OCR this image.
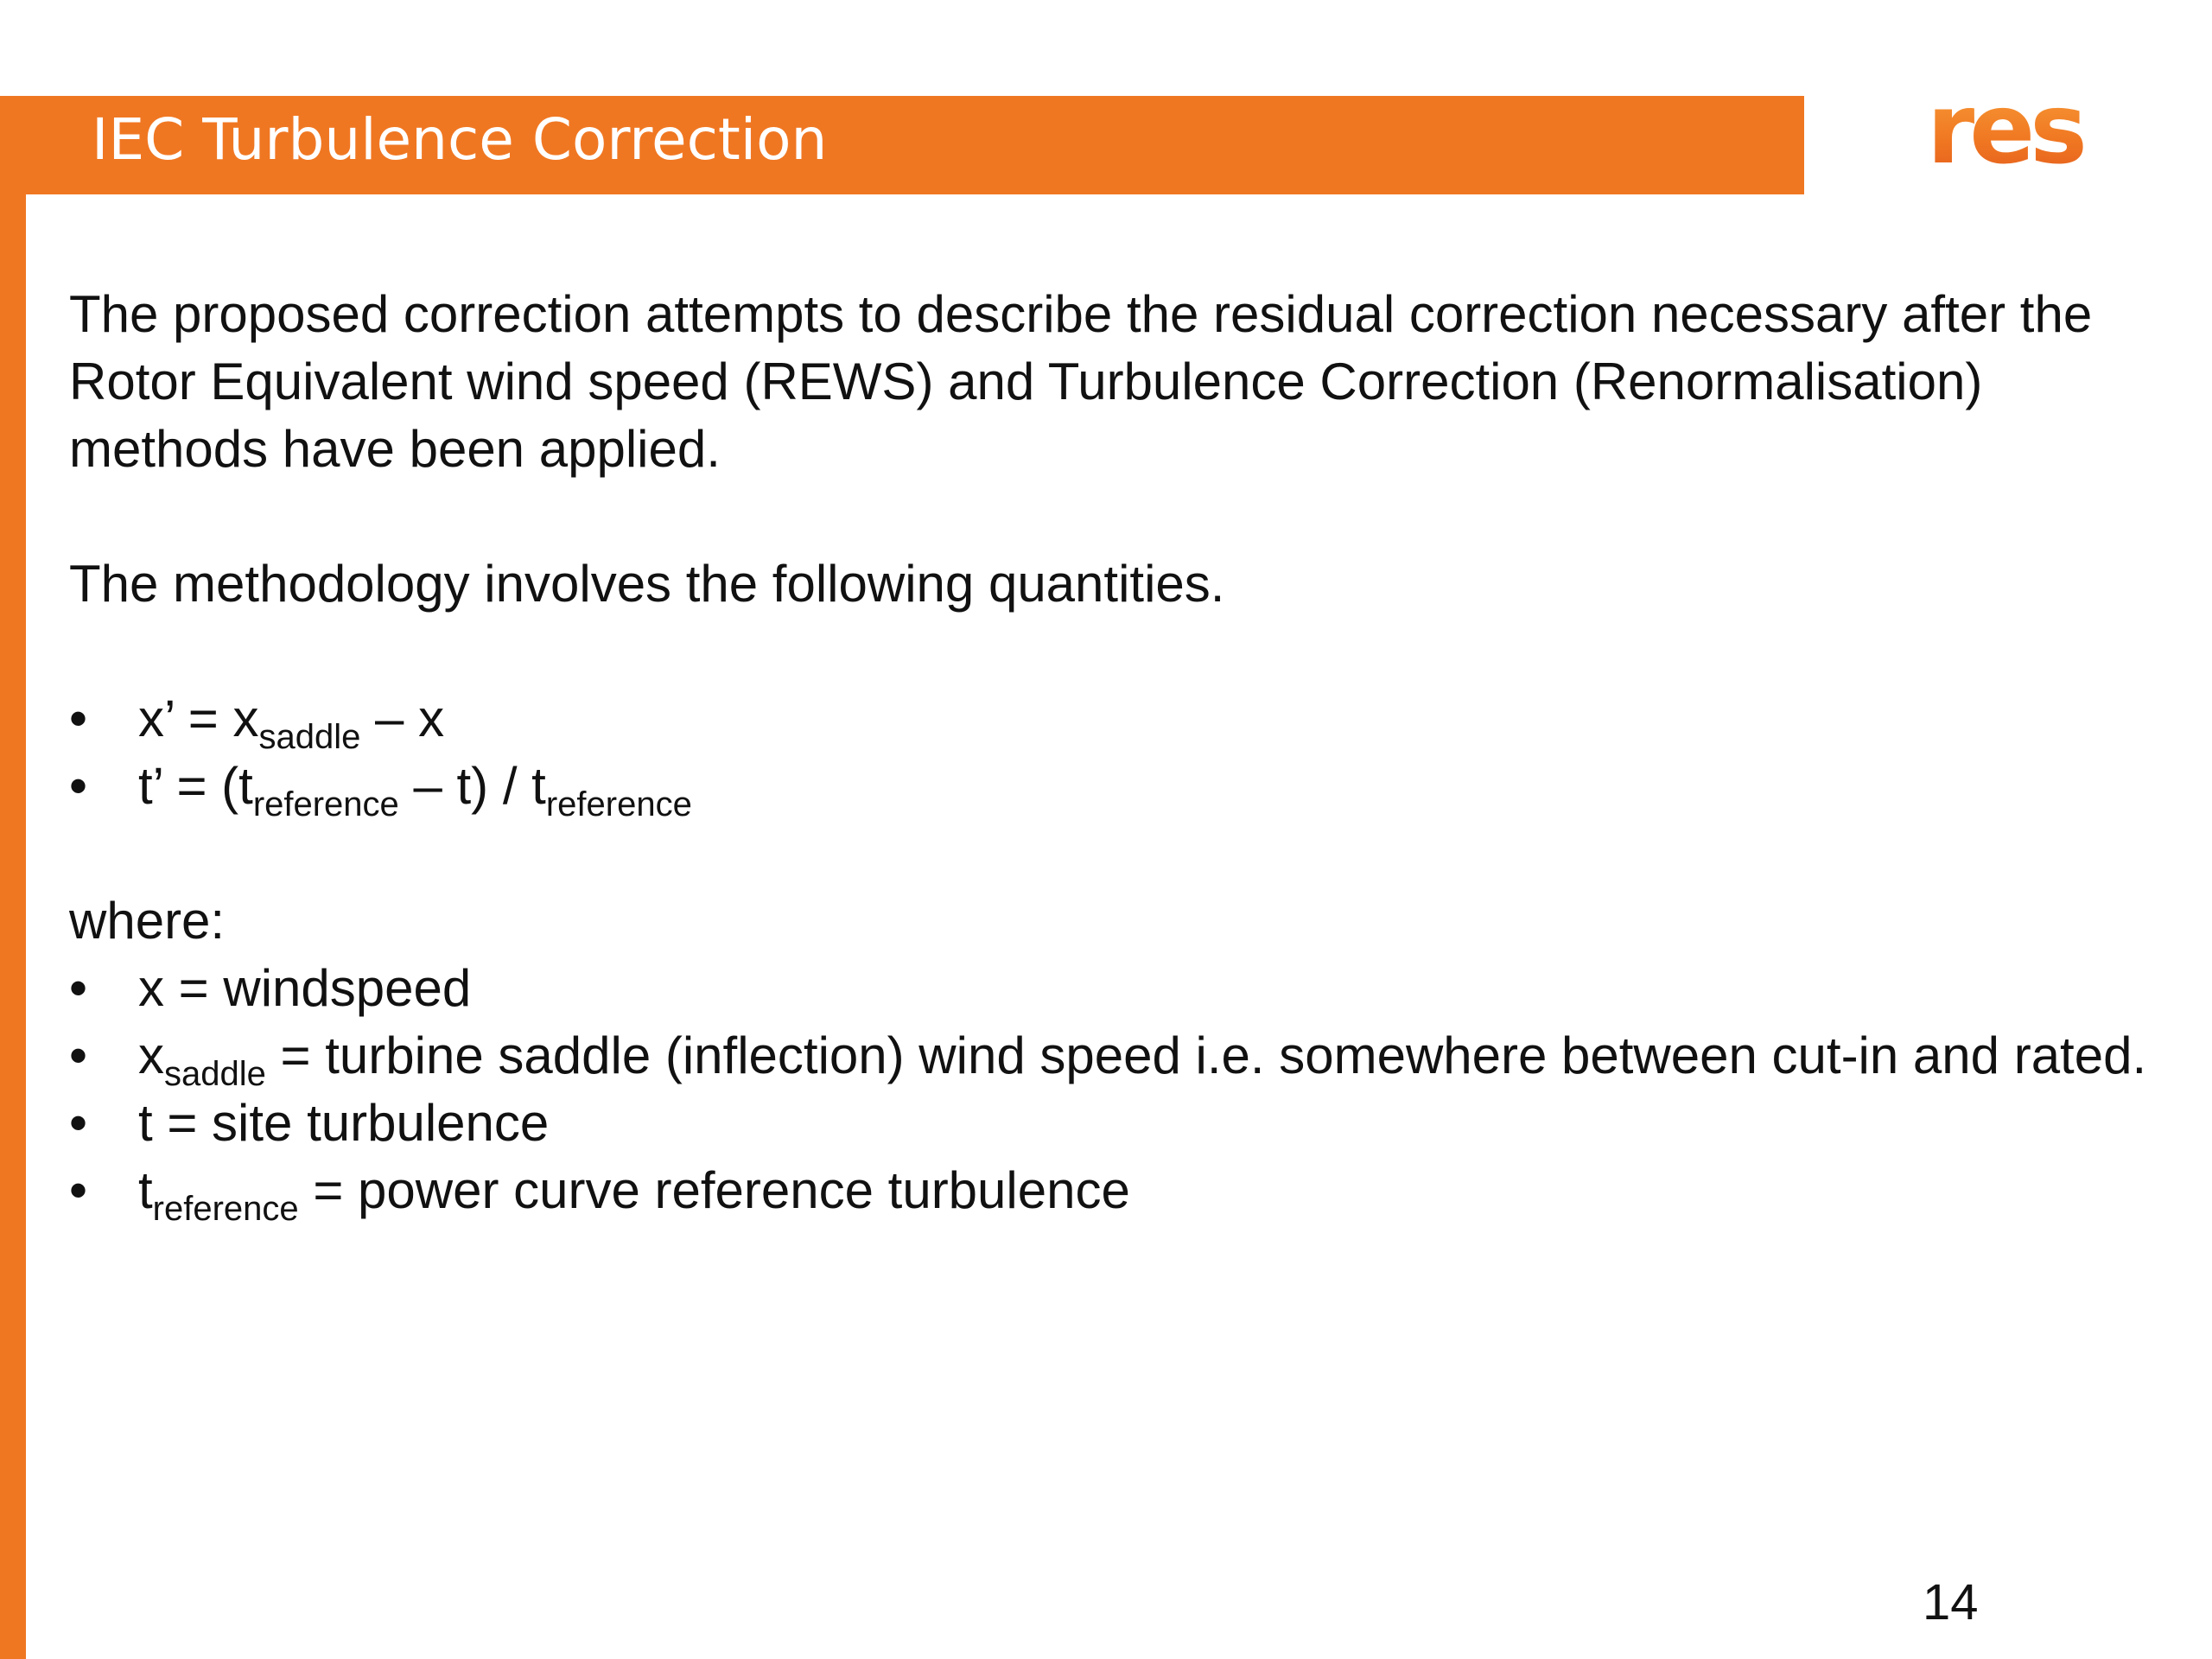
IEC Turbulence Correction	res

The proposed correction attempts to describe the residual correction necessary after the Rotor Equivalent wind speed (REWS) and Turbulence Correction (Renormalisation) methods have been applied.

The methodology involves the following quantities.

• x’ = $x_{saddle}$ – x
• t’ = $(t_{reference} - t) / t_{reference}$

where:

• x = windspeed
• $x_{saddle}$ = turbine saddle (inflection) wind speed i.e. somewhere between cut-in and rated.
• t = site turbulence
• $t_{reference}$ = power curve reference turbulence
14
